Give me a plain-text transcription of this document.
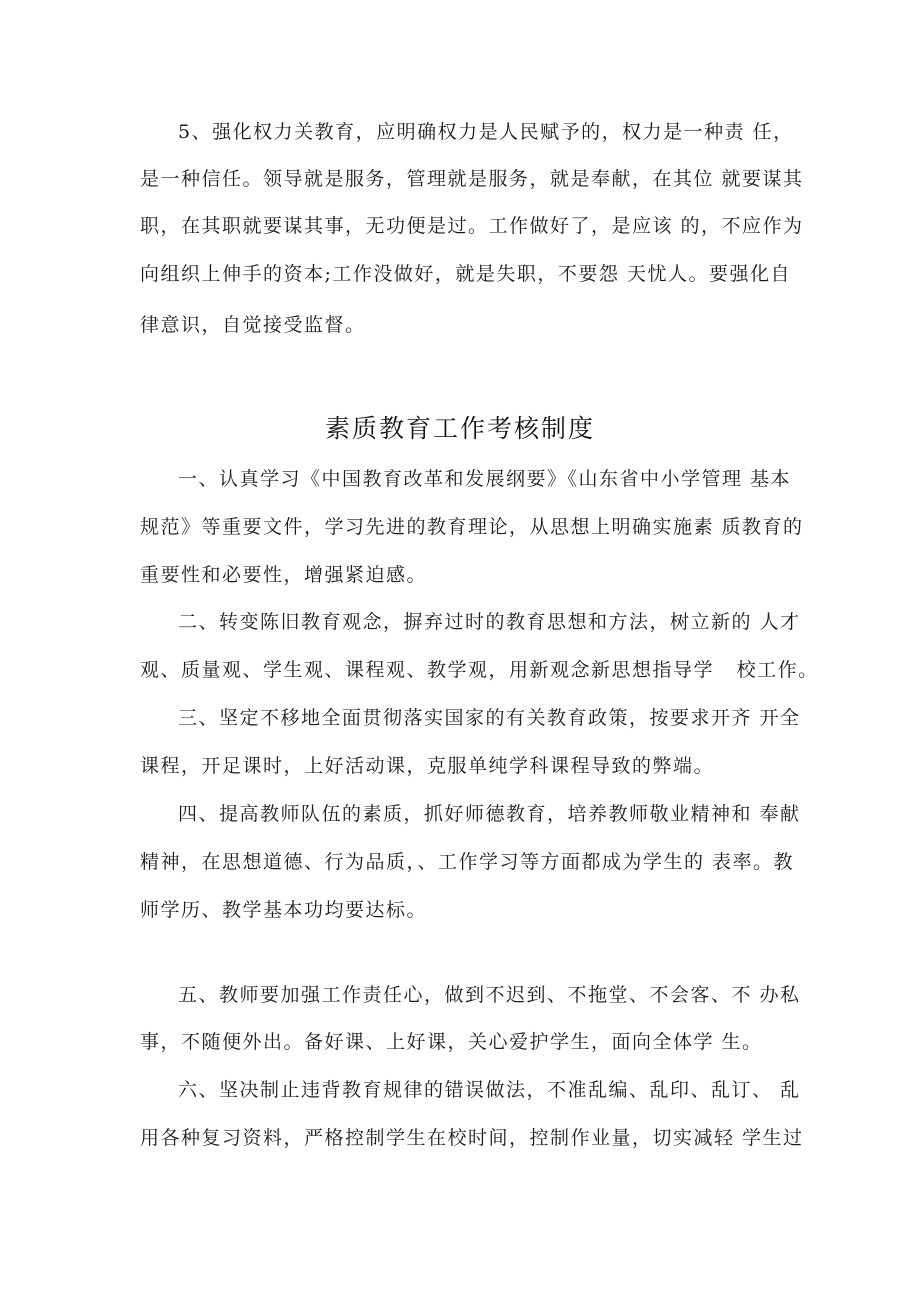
5、强化权力关教育，应明确权力是人民赋予的，权力是一种责 任，
是一种信任。领导就是服务，管理就是服务，就是奉献，在其位 就要谋其
职，在其职就要谋其事，无功便是过。工作做好了，是应该 的，不应作为
向组织上伸手的资本;工作没做好，就是失职，不要怨 天忧人。要强化自
律意识，自觉接受监督。
素质教育工作考核制度
一、认真学习《中国教育改革和发展纲要》《山东省中小学管理 基本
规范》等重要文件，学习先进的教育理论，从思想上明确实施素 质教育的
重要性和必要性，增强紧迫感。
二、转变陈旧教育观念，摒弃过时的教育思想和方法，树立新的 人才
观、质量观、学生观、课程观、教学观，用新观念新思想指导学   校工作。
三、坚定不移地全面贯彻落实国家的有关教育政策，按要求开齐 开全
课程，开足课时，上好活动课，克服单纯学科课程导致的弊端。
四、提高教师队伍的素质，抓好师德教育，培养教师敬业精神和 奉献
精神，在思想道德、行为品质，、工作学习等方面都成为学生的 表率。教
师学历、教学基本功均要达标。
五、教师要加强工作责任心，做到不迟到、不拖堂、不会客、不 办私
事，不随便外出。备好课、上好课，关心爱护学生，面向全体学 生。
六、坚决制止违背教育规律的错误做法，不准乱编、乱印、乱订、 乱
用各种复习资料，严格控制学生在校时间，控制作业量，切实减轻 学生过
